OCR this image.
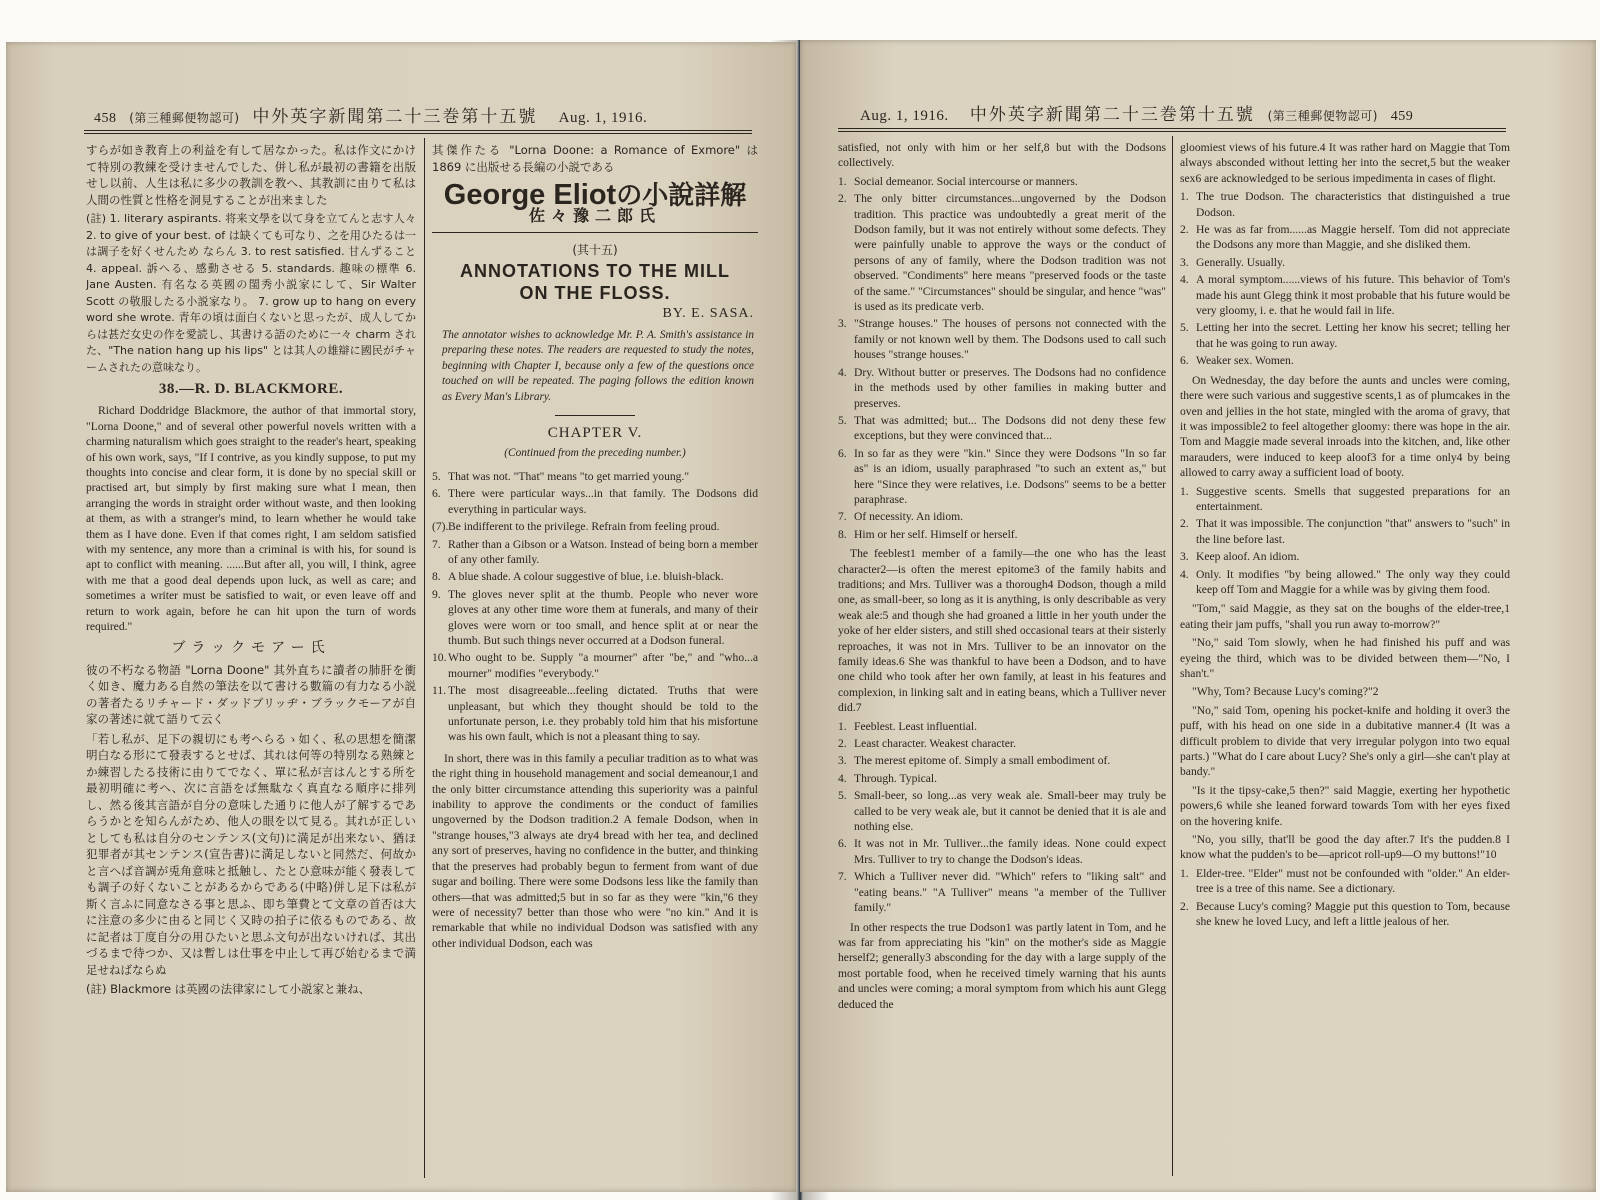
458 (第三種郵便物認可) 中外英字新聞第二十三巻第十五號 Aug. 1, 1916.

すらが如き教育上の利益を有して居なかった。私は作文にかけて特別の教練を受けませんでした、併し私が最初の書籍を出版せし以前、人生は私に多少の教訓を教へ、其教訓に由りて私は人間の性質と性格を洞見することが出来ました

(註) 1. literary aspirants. 将来文學を以て身を立てんと志す人々 2. to give of your best. of は缺くても可なり、之を用ひたるは一は調子を好くせんため ならん 3. to rest satisfied. 甘んずること 4. appeal. 訴へる、感動させる 5. standards. 趣味の標準 6. Jane Austen. 有名なる英國の閨秀小説家にして、Sir Walter Scott の敬服したる小説家なり。 7. grow up to hang on every word she wrote. 青年の頃は面白くないと思ったが、成人してからは甚だ女史の作を愛読し、其書ける語のために一々 charm された、"The nation hang up his lips" とは其人の雄辯に國民がチャームされたの意味なり。

38.—R. D. BLACKMORE.

Richard Doddridge Blackmore, the author of that immortal story, "Lorna Doone," and of several other powerful novels written with a charming naturalism which goes straight to the reader's heart, speaking of his own work, says, "If I contrive, as you kindly suppose, to put my thoughts into concise and clear form, it is done by no special skill or practised art, but simply by first making sure what I mean, then arranging the words in straight order without waste, and then looking at them, as with a stranger's mind, to learn whether he would take them as I have done. Even if that comes right, I am seldom satisfied with my sentence, any more than a criminal is with his, for sound is apt to conflict with meaning. ......But after all, you will, I think, agree with me that a good deal depends upon luck, as well as care; and sometimes a writer must be satisfied to wait, or even leave off and return to work again, before he can hit upon the turn of words required."

ブラックモアー氏

彼の不朽なる物語 "Lorna Doone" 其外直ちに讀者の肺肝を衝く如き、魔力ある自然の筆法を以て書ける數篇の有力なる小説の著者たるリチャード・ダッドブリッヂ・ブラックモーアが自家の著述に就て語りて云く

「若し私が、足下の親切にも考へらるゝ如く、私の思想を簡潔明白なる形にて發表するとせば、其れは何等の特別なる熟練とか練習したる技術に由りてでなく、單に私が言はんとする所を最初明確に考へ、次に言語をば無駄なく真直なる順序に排列し、然る後其言語が自分の意味した通りに他人が了解するであらうかとを知らんがため、他人の眼を以て見る。其れが正しいとしても私は自分のセンテンス(文句)に満足が出来ない、猶ほ犯罪者が其センテンス(宣告書)に満足しないと同然だ、何故かと言へば音調が兎角意味と抵触し、たとひ意味が能く發表しても調子の好くないことがあるからである(中略)併し足下は私が斯く言ふに同意なさる事と思ふ、即ち筆費とて文章の首否は大に注意の多少に由ると同じく又時の拍子に依るものである、故に記者は丁度自分の用ひたいと思ふ文句が出ないければ、其出づるまで待つか、又は暫しは仕事を中止して再び始むるまで満足せねばならぬ

(註) Blackmore は英國の法律家にして小説家と兼ね、

其傑作たる "Lorna Doone: a Romance of Exmore" は 1869 に出版せる長編の小説である

George Eliotの小說詳解
佐々豫二郎氏
(其十五)
ANNOTATIONS TO THE MILL
ON THE FLOSS.
BY. E. SASA.
The annotator wishes to acknowledge Mr. P. A. Smith's assistance in preparing these notes. The readers are requested to study the notes, beginning with Chapter I, because only a few of the questions once touched on will be repeated. The paging follows the edition known as Every Man's Library.
CHAPTER V.
(Continued from the preceding number.)
5. That was not. "That" means "to get married young."
6. There were particular ways...in that family. The Dodsons did everything in particular ways.
(7). Be indifferent to the privilege. Refrain from feeling proud.
7. Rather than a Gibson or a Watson. Instead of being born a member of any other family.
8. A blue shade. A colour suggestive of blue, i.e. bluish-black.
9. The gloves never split at the thumb. People who never wore gloves at any other time wore them at funerals, and many of their gloves were worn or too small, and hence split at or near the thumb. But such things never occurred at a Dodson funeral.
10. Who ought to be. Supply "a mourner" after "be," and "who...a mourner" modifies "everybody."
11. The most disagreeable...feeling dictated. Truths that were unpleasant, but which they thought should be told to the unfortunate person, i.e. they probably told him that his misfortune was his own fault, which is not a pleasant thing to say.

In short, there was in this family a peculiar tradition as to what was the right thing in household management and social demeanour,1 and the only bitter circumstance attending this superiority was a painful inability to approve the condiments or the conduct of families ungoverned by the Dodson tradition.2 A female Dodson, when in "strange houses,"3 always ate dry4 bread with her tea, and declined any sort of preserves, having no confidence in the butter, and thinking that the preserves had probably begun to ferment from want of due sugar and boiling. There were some Dodsons less like the family than others—that was admitted;5 but in so far as they were "kin,"6 they were of necessity7 better than those who were "no kin." And it is remarkable that while no individual Dodson was satisfied with any other individual Dodson, each was

Aug. 1, 1916. 中外英字新聞第二十三巻第十五號 (第三種郵便物認可) 459

satisfied, not only with him or her self,8 but with the Dodsons collectively.

1. Social demeanor. Social intercourse or manners.
2. The only bitter circumstances...ungoverned by the Dodson tradition. This practice was undoubtedly a great merit of the Dodson family, but it was not entirely without some defects. They were painfully unable to approve the ways or the conduct of persons of any of family, where the Dodson tradition was not observed. "Condiments" here means "preserved foods or the taste of the same." "Circumstances" should be singular, and hence "was" is used as its predicate verb.
3. "Strange houses." The houses of persons not connected with the family or not known well by them. The Dodsons used to call such houses "strange houses."
4. Dry. Without butter or preserves. The Dodsons had no confidence in the methods used by other families in making butter and preserves.
5. That was admitted; but... The Dodsons did not deny these few exceptions, but they were convinced that...
6. In so far as they were "kin." Since they were Dodsons "In so far as" is an idiom, usually paraphrased "to such an extent as," but here "Since they were relatives, i.e. Dodsons" seems to be a better paraphrase.
7. Of necessity. An idiom.
8. Him or her self. Himself or herself.

The feeblest1 member of a family—the one who has the least character2—is often the merest epitome3 of the family habits and traditions; and Mrs. Tulliver was a thorough4 Dodson, though a mild one, as small-beer, so long as it is anything, is only describable as very weak ale:5 and though she had groaned a little in her youth under the yoke of her elder sisters, and still shed occasional tears at their sisterly reproaches, it was not in Mrs. Tulliver to be an innovator on the family ideas.6 She was thankful to have been a Dodson, and to have one child who took after her own family, at least in his features and complexion, in linking salt and in eating beans, which a Tulliver never did.7

1. Feeblest. Least influential.
2. Least character. Weakest character.
3. The merest epitome of. Simply a small embodiment of.
4. Through. Typical.
5. Small-beer, so long...as very weak ale. Small-beer may truly be called to be very weak ale, but it cannot be denied that it is ale and nothing else.
6. It was not in Mr. Tulliver...the family ideas. None could expect Mrs. Tulliver to try to change the Dodson's ideas.
7. Which a Tulliver never did. "Which" refers to "liking salt" and "eating beans." "A Tulliver" means "a member of the Tulliver family."

In other respects the true Dodson1 was partly latent in Tom, and he was far from appreciating his "kin" on the mother's side as Maggie herself2; generally3 absconding for the day with a large supply of the most portable food, when he received timely warning that his aunts and uncles were coming; a moral symptom from which his aunt Glegg deduced the

gloomiest views of his future.4 It was rather hard on Maggie that Tom always absconded without letting her into the secret,5 but the weaker sex6 are acknowledged to be serious impedimenta in cases of flight.

1. The true Dodson. The characteristics that distinguished a true Dodson.
2. He was as far from......as Maggie herself. Tom did not appreciate the Dodsons any more than Maggie, and she disliked them.
3. Generally. Usually.
4. A moral symptom......views of his future. This behavior of Tom's made his aunt Glegg think it most probable that his future would be very gloomy, i. e. that he would fail in life.
5. Letting her into the secret. Letting her know his secret; telling her that he was going to run away.
6. Weaker sex. Women.

On Wednesday, the day before the aunts and uncles were coming, there were such various and suggestive scents,1 as of plumcakes in the oven and jellies in the hot state, mingled with the aroma of gravy, that it was impossible2 to feel altogether gloomy: there was hope in the air. Tom and Maggie made several inroads into the kitchen, and, like other marauders, were induced to keep aloof3 for a time only4 by being allowed to carry away a sufficient load of booty.

1. Suggestive scents. Smells that suggested preparations for an entertainment.
2. That it was impossible. The conjunction "that" answers to "such" in the line before last.
3. Keep aloof. An idiom.
4. Only. It modifies "by being allowed." The only way they could keep off Tom and Maggie for a while was by giving them food.

"Tom," said Maggie, as they sat on the boughs of the elder-tree,1 eating their jam puffs, "shall you run away to-morrow?"

"No," said Tom slowly, when he had finished his puff and was eyeing the third, which was to be divided between them—"No, I shan't."

"Why, Tom? Because Lucy's coming?"2

"No," said Tom, opening his pocket-knife and holding it over3 the puff, with his head on one side in a dubitative manner.4 (It was a difficult problem to divide that very irregular polygon into two equal parts.) "What do I care about Lucy? She's only a girl—she can't play at bandy."

"Is it the tipsy-cake,5 then?" said Maggie, exerting her hypothetic powers,6 while she leaned forward towards Tom with her eyes fixed on the hovering knife.

"No, you silly, that'll be good the day after.7 It's the pudden.8 I know what the pudden's to be—apricot roll-up9—O my buttons!"10

1. Elder-tree. "Elder" must not be confounded with "older." An elder-tree is a tree of this name. See a dictionary.
2. Because Lucy's coming? Maggie put this question to Tom, because she knew he loved Lucy, and left a little jealous of her.
